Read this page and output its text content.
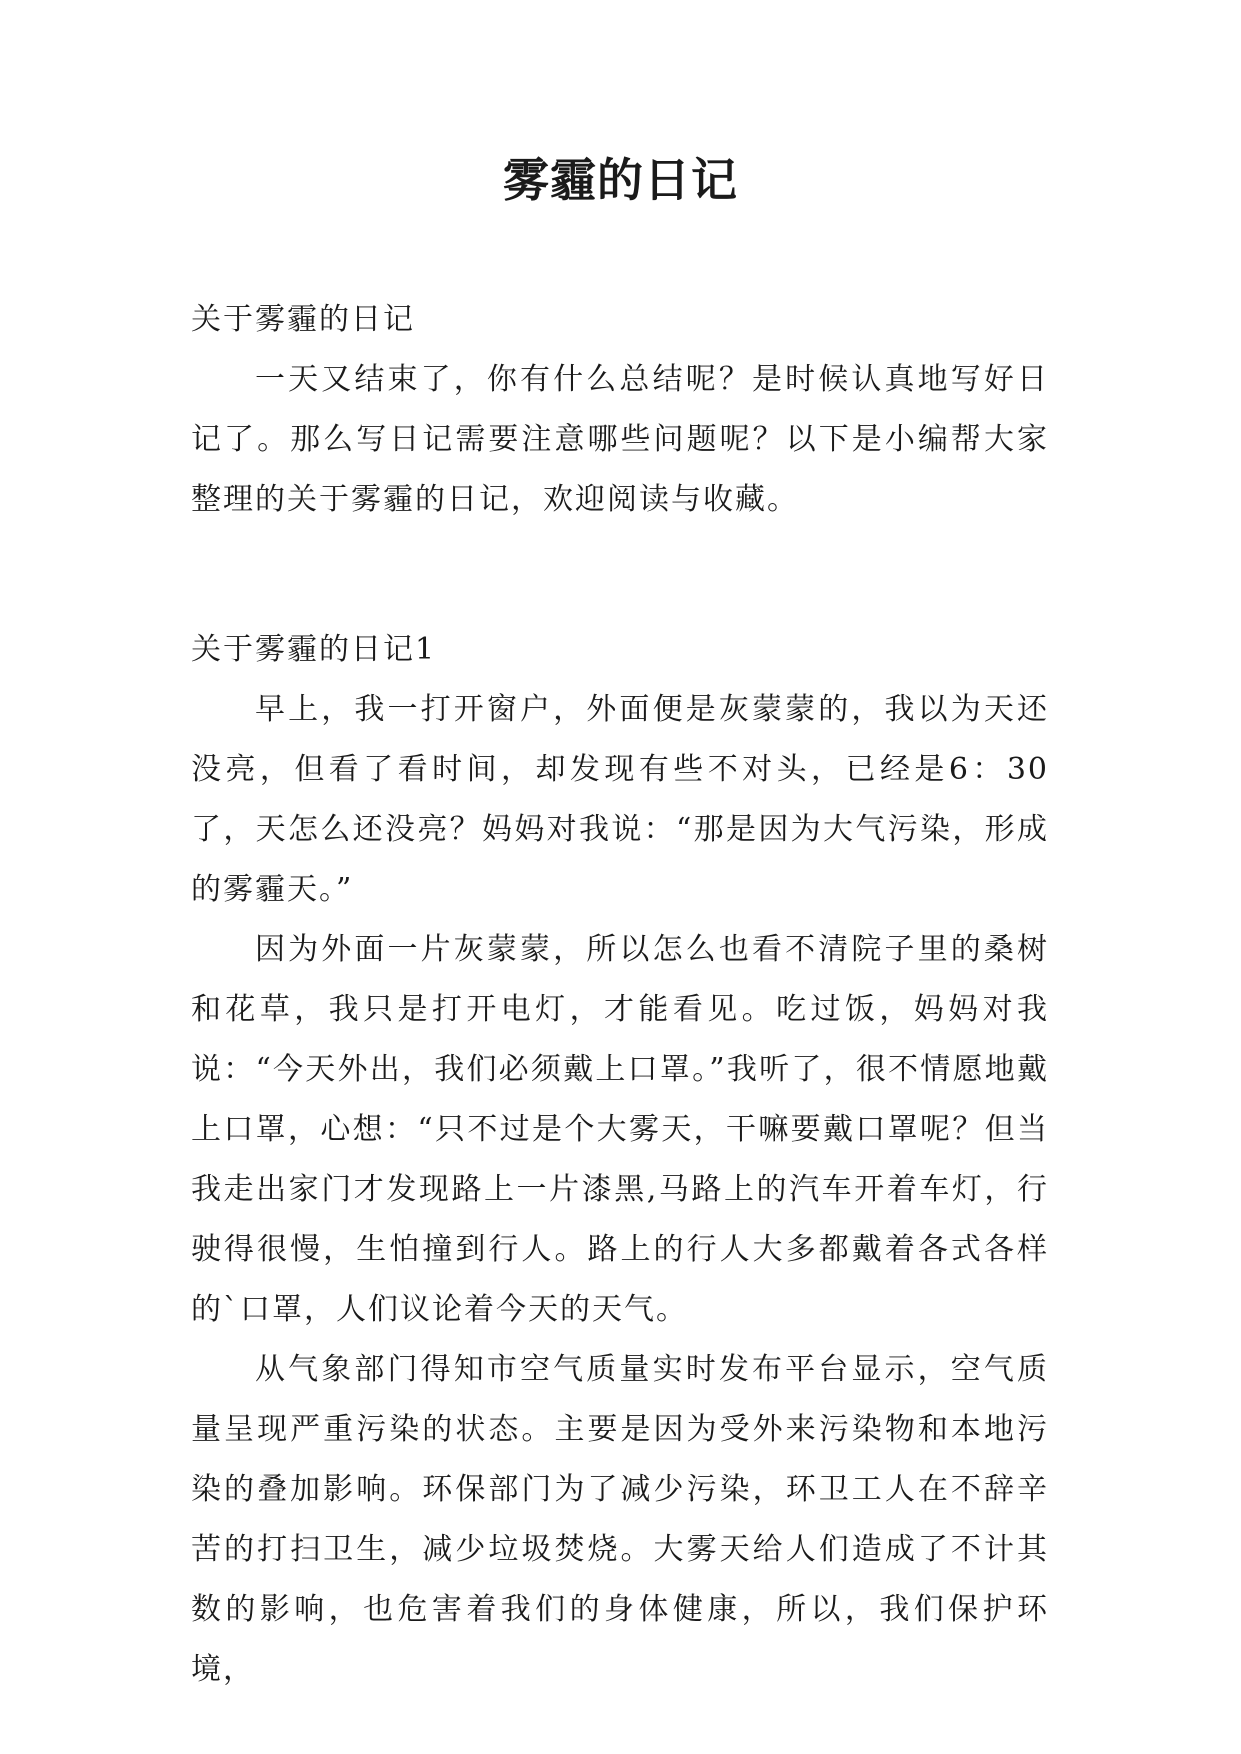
雾霾的日记

关于雾霾的日记

一天又结束了，你有什么总结呢？是时候认真地写好日记了。那么写日记需要注意哪些问题呢？以下是小编帮大家整理的关于雾霾的日记，欢迎阅读与收藏。

关于雾霾的日记1

早上，我一打开窗户，外面便是灰蒙蒙的，我以为天还没亮，但看了看时间，却发现有些不对头，已经是6：30了，天怎么还没亮？妈妈对我说：“那是因为大气污染，形成的雾霾天。”

因为外面一片灰蒙蒙，所以怎么也看不清院子里的桑树和花草，我只是打开电灯，才能看见。吃过饭，妈妈对我说：“今天外出，我们必须戴上口罩。”我听了，很不情愿地戴上口罩，心想：“只不过是个大雾天，干嘛要戴口罩呢？但当我走出家门才发现路上一片漆黑,马路上的汽车开着车灯，行驶得很慢，生怕撞到行人。路上的行人大多都戴着各式各样的`口罩，人们议论着今天的天气。

从气象部门得知市空气质量实时发布平台显示，空气质量呈现严重污染的状态。主要是因为受外来污染物和本地污染的叠加影响。环保部门为了减少污染，环卫工人在不辞辛苦的打扫卫生，减少垃圾焚烧。大雾天给人们造成了不计其数的影响，也危害着我们的身体健康，所以，我们保护环境，
